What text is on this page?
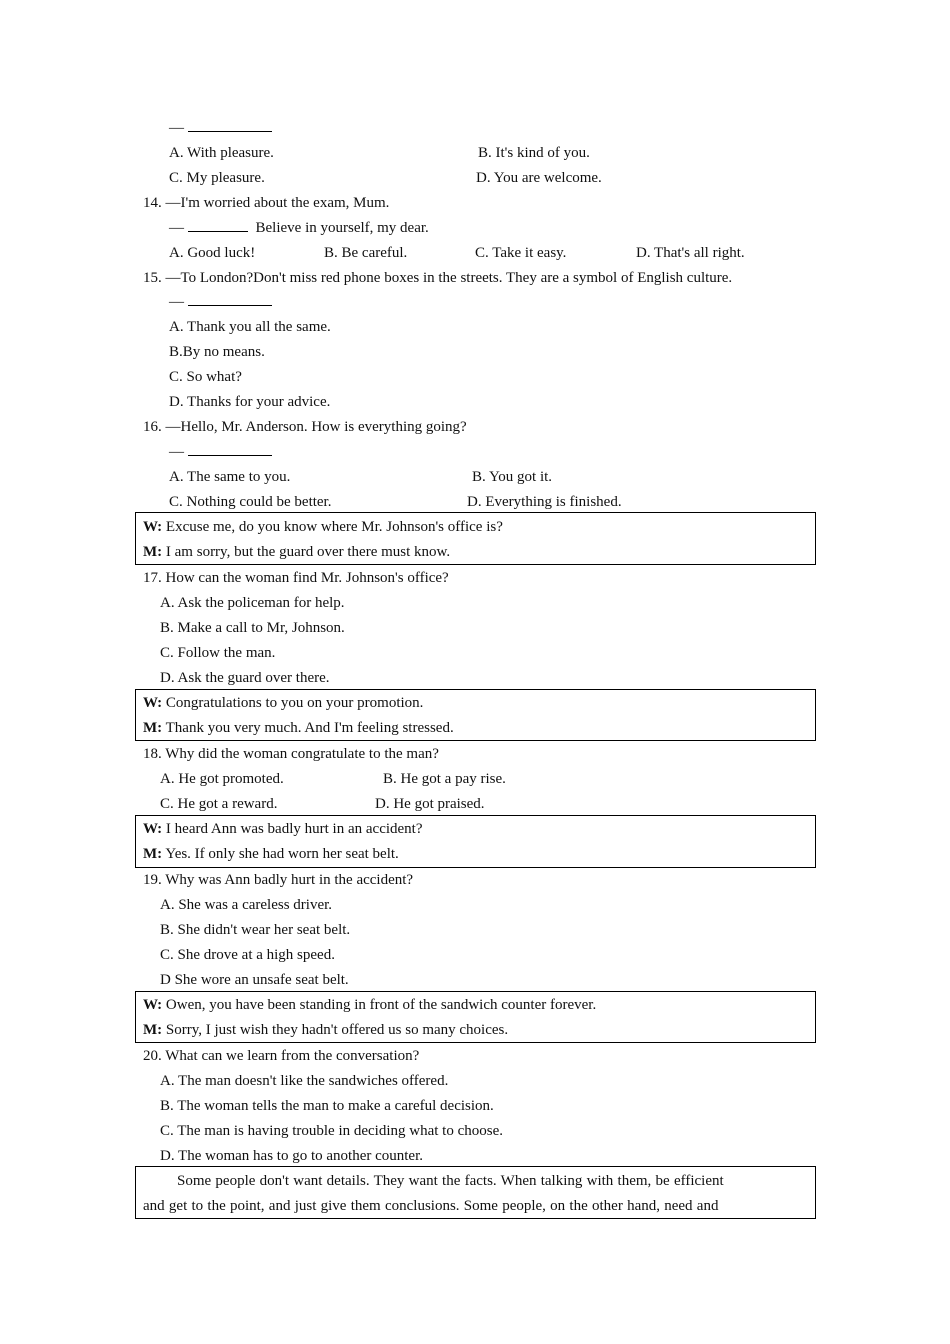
—
A. With pleasure.	B. It's kind of you.
C. My pleasure.	D. You are welcome.
14. —I'm worried about the exam, Mum.
—	Believe in yourself, my dear.
A. Good luck!	B. Be careful.	C. Take it easy.	D. That's all right.
15. —To London?Don't miss red phone boxes in the streets. They are a symbol of English culture.
—
A. Thank you all the same.
B.By no means.
C. So what?
D. Thanks for your advice.
16. —Hello, Mr. Anderson. How is everything going?
—
A. The same to you.	B. You got it.
C. Nothing could be better.	D. Everything is finished.
W: Excuse me, do you know where Mr. Johnson's office is?
M: I am sorry, but the guard over there must know.
17. How can the woman find Mr. Johnson's office?
A. Ask the policeman for help.
B. Make a call to Mr, Johnson.
C. Follow the man.
D. Ask the guard over there.
W: Congratulations to you on your promotion.
M: Thank you very much. And I'm feeling stressed.
18. Why did the woman congratulate to the man?
A. He got promoted.	B. He got a pay rise.
C. He got a reward.	D. He got praised.
W: I heard Ann was badly hurt in an accident?
M: Yes. If only she had worn her seat belt.
19. Why was Ann badly hurt in the accident?
A. She was a careless driver.
B. She didn't wear her seat belt.
C. She drove at a high speed.
D She wore an unsafe seat belt.
W: Owen, you have been standing in front of the sandwich counter forever.
M: Sorry, I just wish they hadn't offered us so many choices.
20. What can we learn from the conversation?
A. The man doesn't like the sandwiches offered.
B. The woman tells the man to make a careful decision.
C. The man is having trouble in deciding what to choose.
D. The woman has to go to another counter.
Some people don't want details. They want the facts. When talking with them, be efficient
and get to the point, and just give them conclusions. Some people, on the other hand, need and
